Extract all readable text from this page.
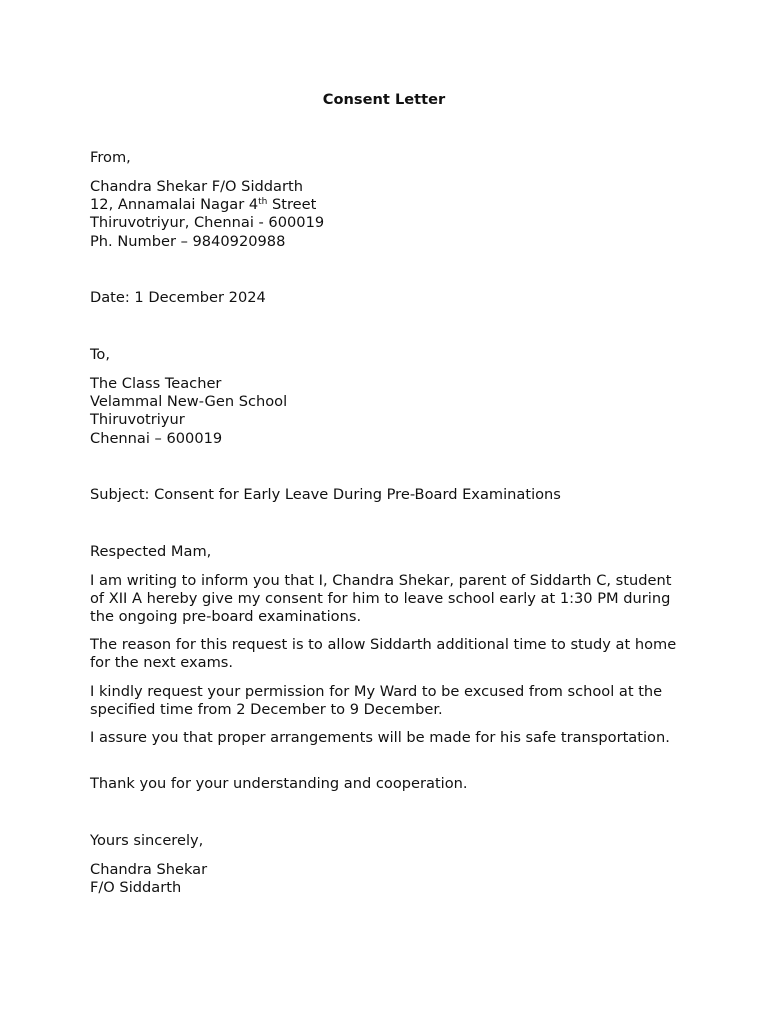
Consent Letter
From,
Chandra Shekar F/O Siddarth
12, Annamalai Nagar 4th Street
Thiruvotriyur, Chennai - 600019
Ph. Number – 9840920988
Date: 1 December 2024
To,
The Class Teacher
Velammal New-Gen School
Thiruvotriyur
Chennai – 600019
Subject: Consent for Early Leave During Pre-Board Examinations
Respected Mam,
I am writing to inform you that I, Chandra Shekar, parent of Siddarth C, student of XII A hereby give my consent for him to leave school early at 1:30 PM during the ongoing pre-board examinations.
The reason for this request is to allow Siddarth additional time to study at home for the next exams.
I kindly request your permission for My Ward to be excused from school at the specified time from 2 December to 9 December.
I assure you that proper arrangements will be made for his safe transportation.
Thank you for your understanding and cooperation.
Yours sincerely,
Chandra Shekar
F/O Siddarth
